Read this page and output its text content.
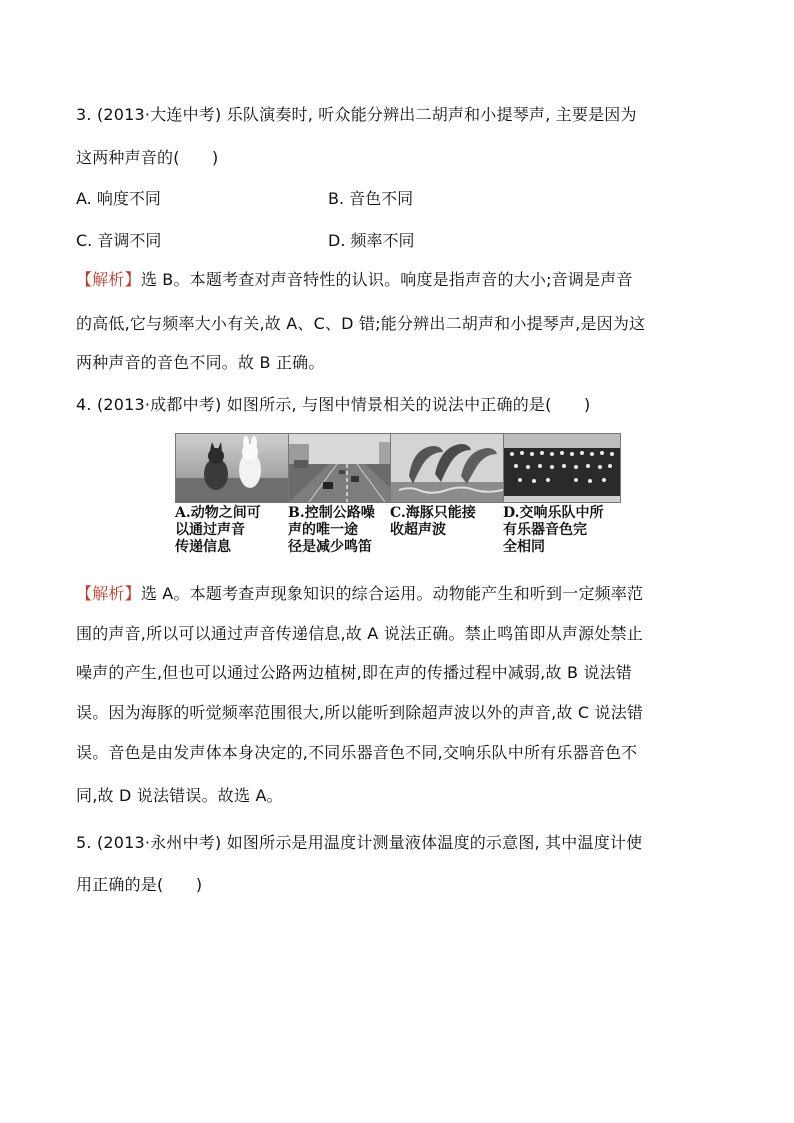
3. (2013·大连中考) 乐队演奏时, 听众能分辨出二胡声和小提琴声, 主要是因为
这两种声音的(　　)
A. 响度不同	B. 音色不同
C. 音调不同	D. 频率不同
【解析】选 B。本题考查对声音特性的认识。响度是指声音的大小;音调是声音
的高低,它与频率大小有关,故 A、C、D 错;能分辨出二胡声和小提琴声,是因为这
两种声音的音色不同。故 B 正确。
4. (2013·成都中考) 如图所示, 与图中情景相关的说法中正确的是(　　)
A.动物之间可
以通过声音
传递信息
B.控制公路噪
声的唯一途
径是减少鸣笛
C.海豚只能接
收超声波
D.交响乐队中所
有乐器音色完
全相同
【解析】选 A。本题考查声现象知识的综合运用。动物能产生和听到一定频率范
围的声音,所以可以通过声音传递信息,故 A 说法正确。禁止鸣笛即从声源处禁止
噪声的产生,但也可以通过公路两边植树,即在声的传播过程中减弱,故 B 说法错
误。因为海豚的听觉频率范围很大,所以能听到除超声波以外的声音,故 C 说法错
误。音色是由发声体本身决定的,不同乐器音色不同,交响乐队中所有乐器音色不
同,故 D 说法错误。故选 A。
5. (2013·永州中考) 如图所示是用温度计测量液体温度的示意图, 其中温度计使
用正确的是(　　)
